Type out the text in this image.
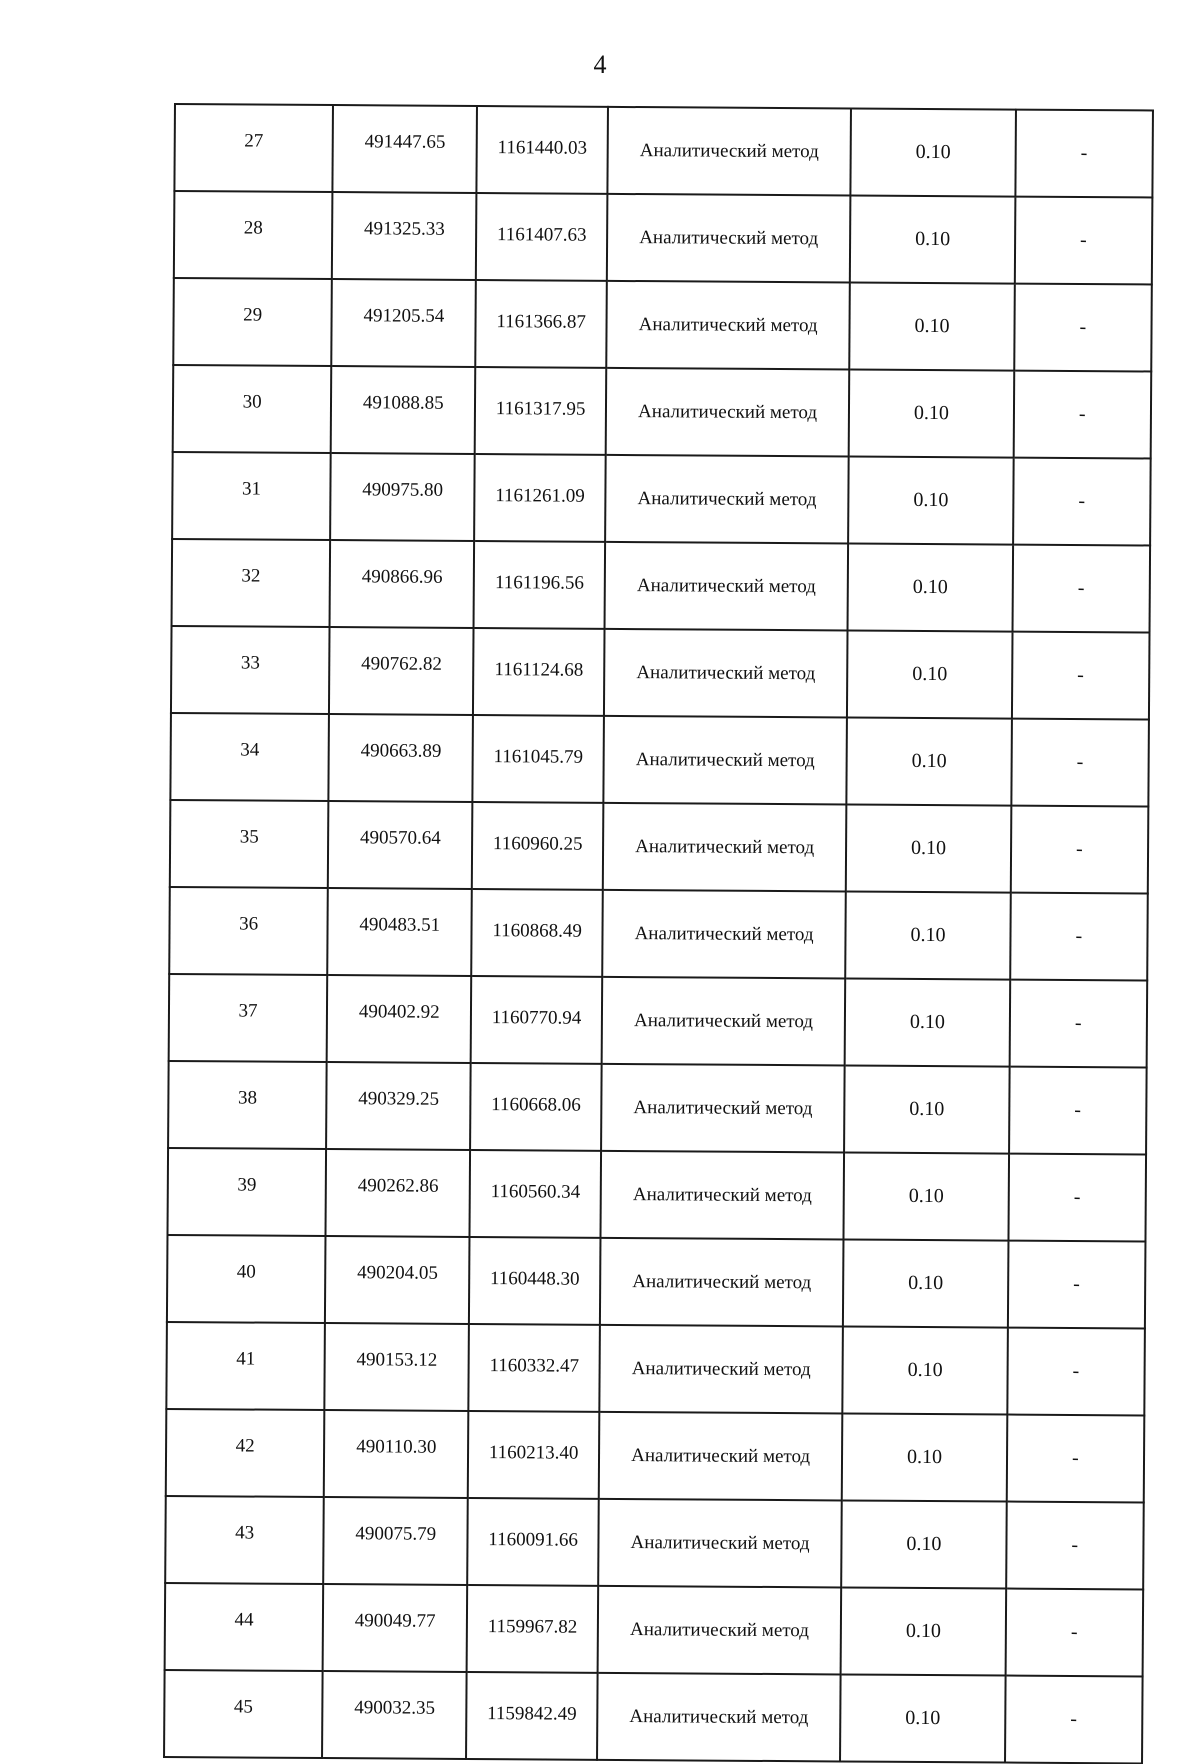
4
27	491447.65	1161440.03	Аналитический метод	0.10	-
28	491325.33	1161407.63	Аналитический метод	0.10	-
29	491205.54	1161366.87	Аналитический метод	0.10	-
30	491088.85	1161317.95	Аналитический метод	0.10	-
31	490975.80	1161261.09	Аналитический метод	0.10	-
32	490866.96	1161196.56	Аналитический метод	0.10	-
33	490762.82	1161124.68	Аналитический метод	0.10	-
34	490663.89	1161045.79	Аналитический метод	0.10	-
35	490570.64	1160960.25	Аналитический метод	0.10	-
36	490483.51	1160868.49	Аналитический метод	0.10	-
37	490402.92	1160770.94	Аналитический метод	0.10	-
38	490329.25	1160668.06	Аналитический метод	0.10	-
39	490262.86	1160560.34	Аналитический метод	0.10	-
40	490204.05	1160448.30	Аналитический метод	0.10	-
41	490153.12	1160332.47	Аналитический метод	0.10	-
42	490110.30	1160213.40	Аналитический метод	0.10	-
43	490075.79	1160091.66	Аналитический метод	0.10	-
44	490049.77	1159967.82	Аналитический метод	0.10	-
45	490032.35	1159842.49	Аналитический метод	0.10	-
